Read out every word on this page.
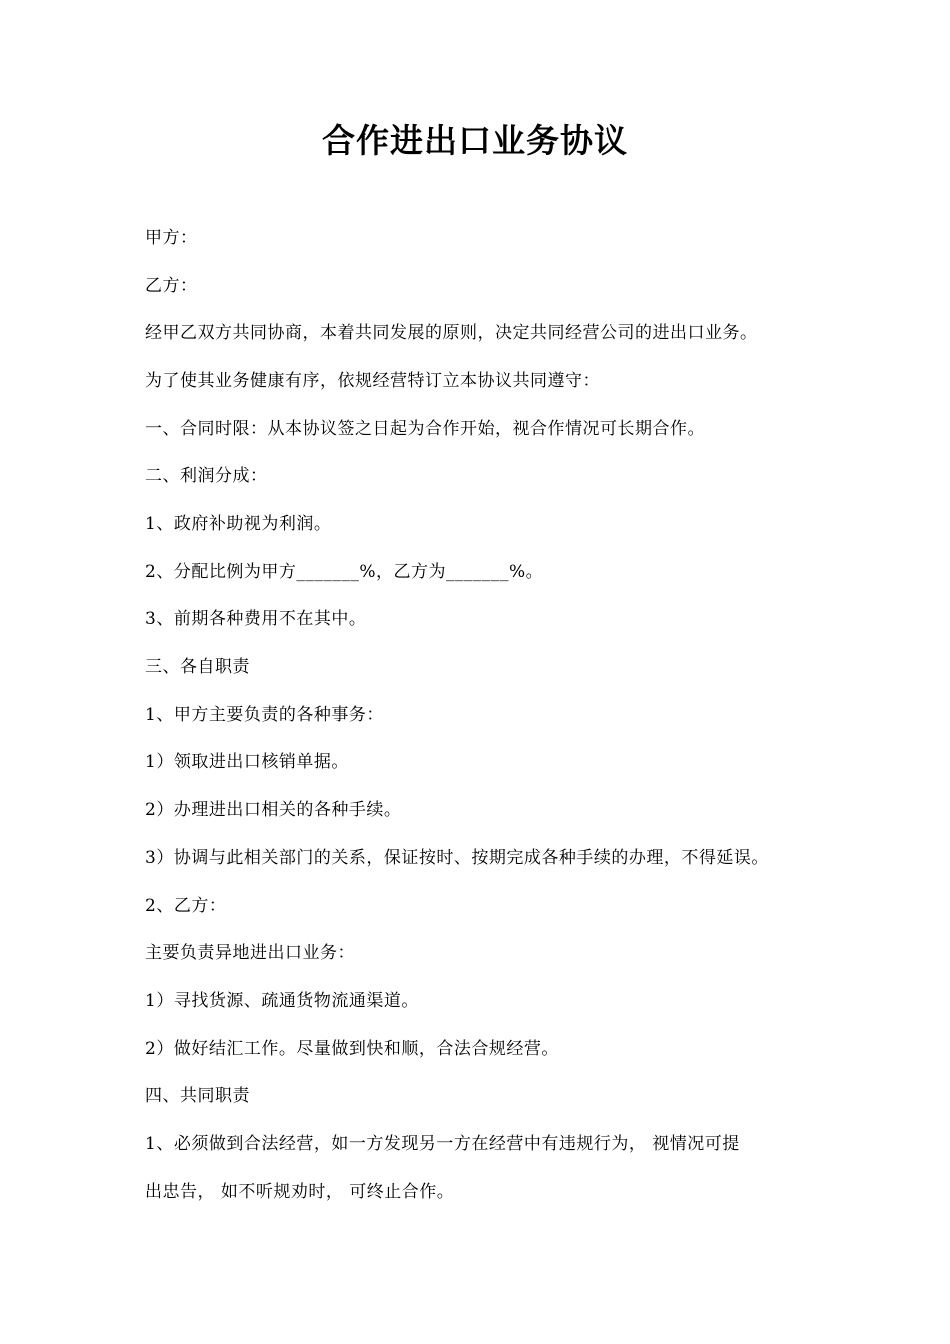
合作进出口业务协议
甲方：
乙方：
经甲乙双方共同协商，本着共同发展的原则，决定共同经营公司的进出口业务。
为了使其业务健康有序，依规经营特订立本协议共同遵守：
一、合同时限：从本协议签之日起为合作开始，视合作情况可长期合作。
二、利润分成：
1、政府补助视为利润。
2、分配比例为甲方_______%，乙方为_______%。
3、前期各种费用不在其中。
三、各自职责
1、甲方主要负责的各种事务：
1）领取进出口核销单据。
2）办理进出口相关的各种手续。
3）协调与此相关部门的关系，保证按时、按期完成各种手续的办理，不得延误。
2、乙方：
主要负责异地进出口业务：
1）寻找货源、疏通货物流通渠道。
2）做好结汇工作。尽量做到快和顺，合法合规经营。
四、共同职责
1、必须做到合法经营，如一方发现另一方在经营中有违规行为， 视情况可提
出忠告， 如不听规劝时， 可终止合作。
